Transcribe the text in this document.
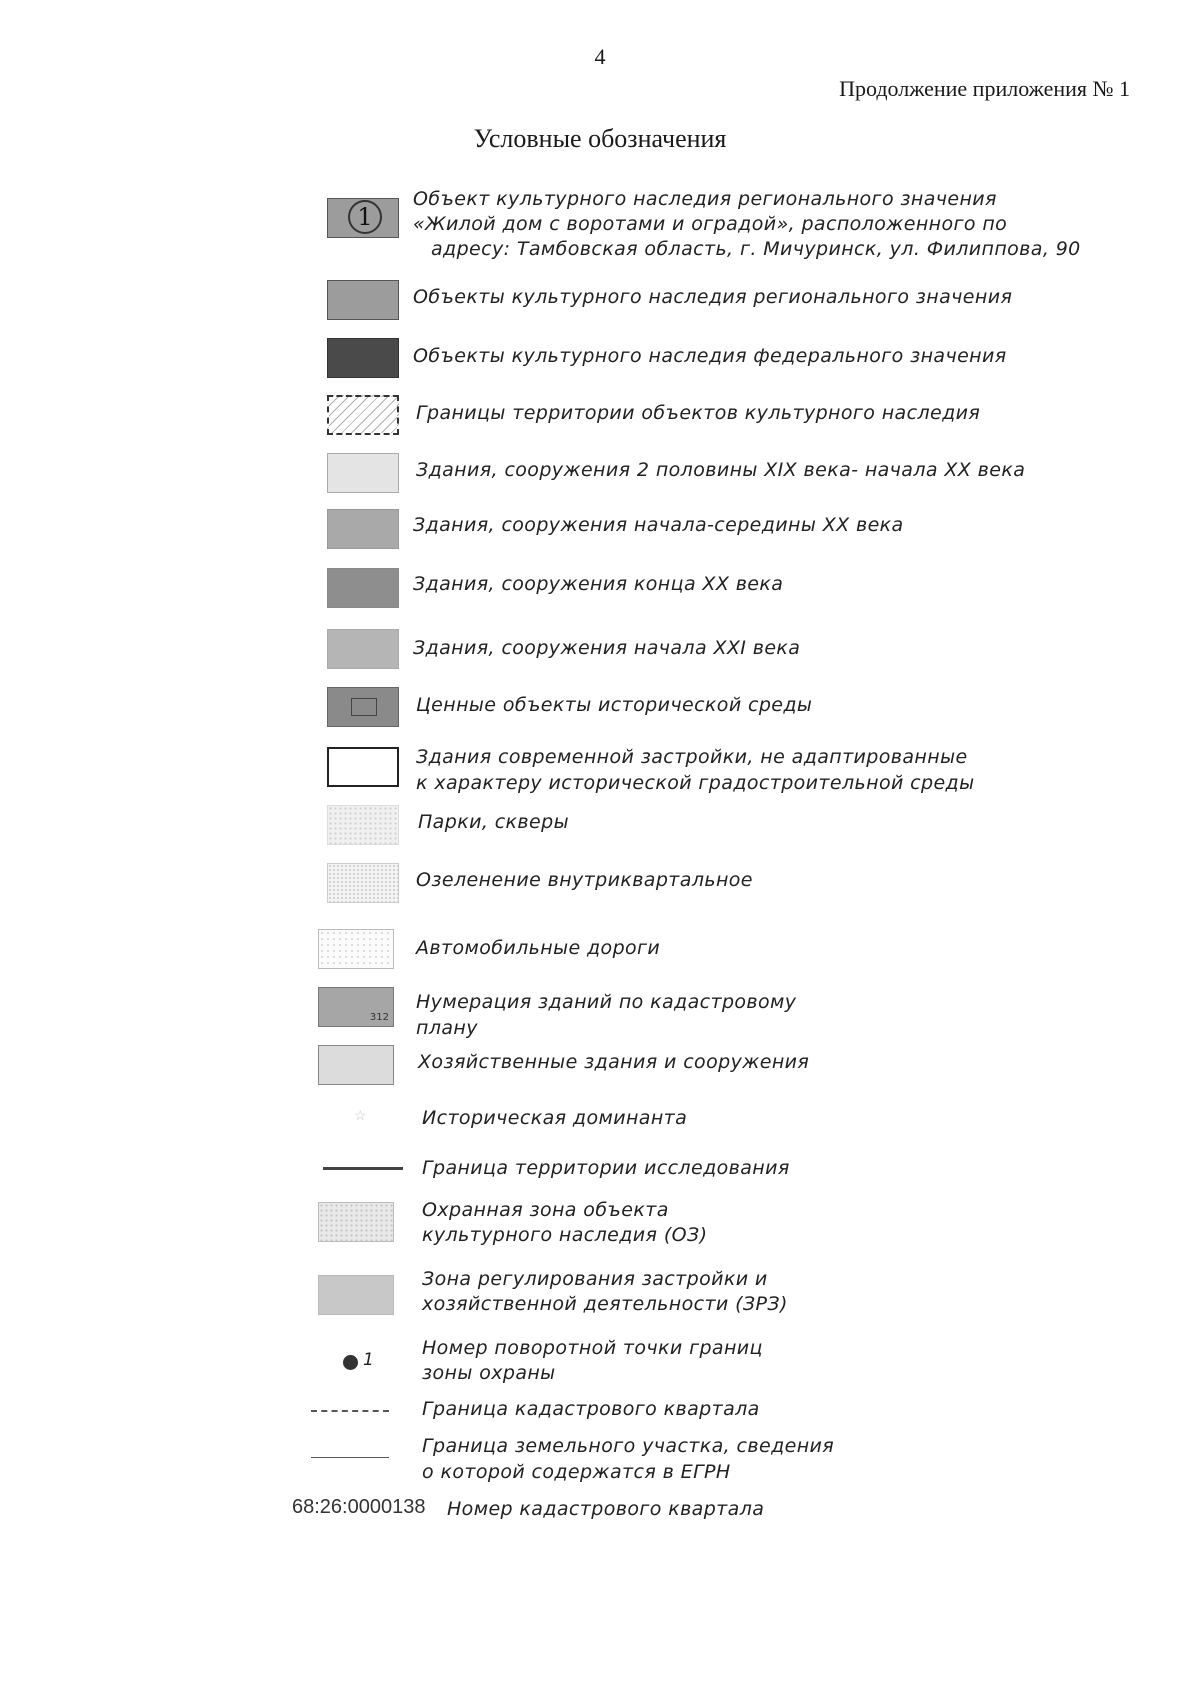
4
Продолжение приложения № 1
Условные обозначения
1
Объект культурного наследия регионального значения
«Жилой дом с воротами и оградой», расположенного по
адресу: Тамбовская область, г. Мичуринск, ул. Филиппова, 90
Объекты культурного наследия регионального значения
Объекты культурного наследия федерального значения
Границы территории объектов культурного наследия
Здания, сооружения 2 половины XIX века- начала XX века
Здания, сооружения начала-середины XX века
Здания, сооружения конца XX века
Здания, сооружения начала XXI века
Ценные объекты исторической среды
Здания современной застройки, не адаптированные
к характеру исторической градостроительной среды
Парки, скверы
Озеленение внутриквартальное
Автомобильные дороги
312
Нумерация зданий по кадастровому
плану
Хозяйственные здания и сооружения
☆	Историческая доминанта
Граница территории исследования
Охранная зона объекта
культурного наследия (ОЗ)
Зона регулирования застройки и
хозяйственной деятельности (ЗРЗ)
1
Номер поворотной точки границ
зоны охраны
Граница кадастрового квартала
Граница земельного участка, сведения
о которой содержатся в ЕГРН
68:26:0000138 Номер кадастрового квартала
